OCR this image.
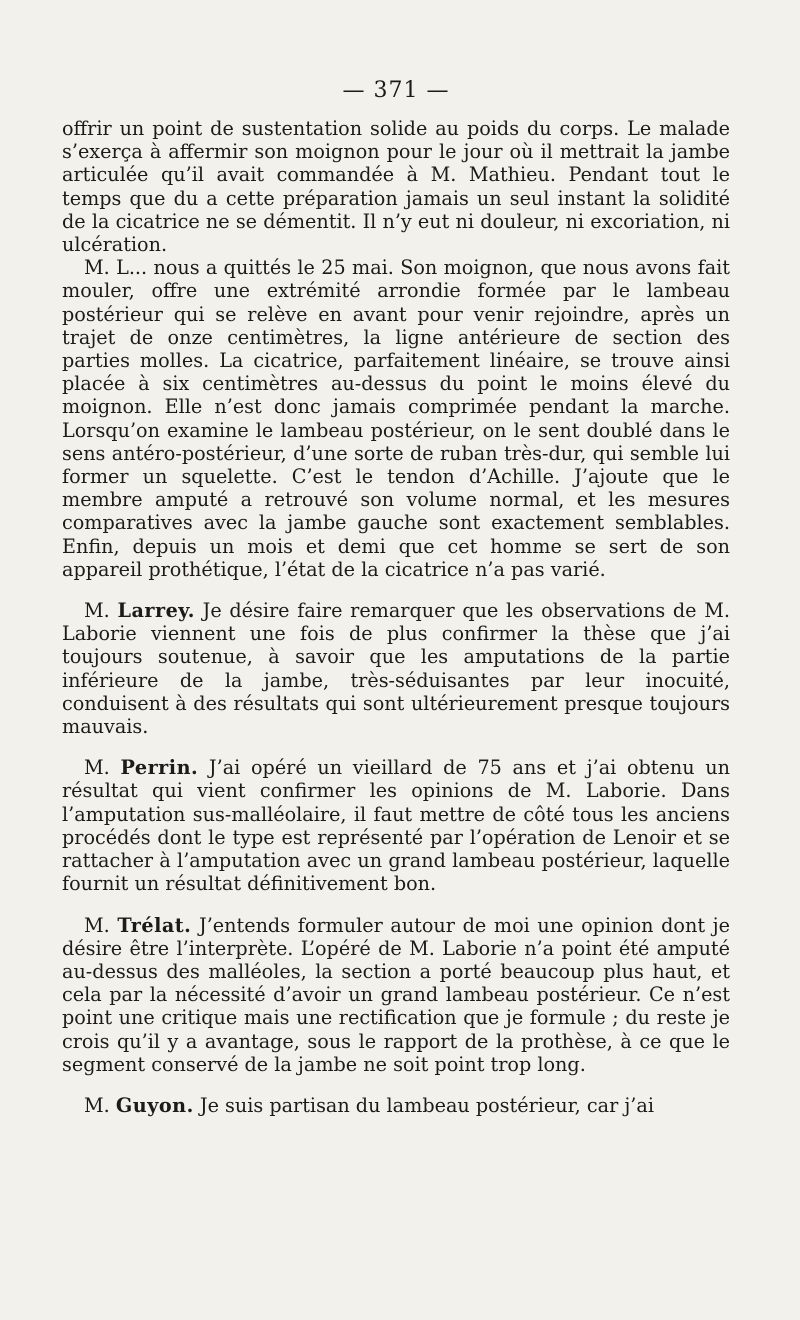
— 371 —

offrir un point de sustentation solide au poids du corps. Le malade s’exerça à affermir son moignon pour le jour où il mettrait la jambe articulée qu’il avait commandée à M. Mathieu. Pendant tout le temps que du a cette préparation jamais un seul instant la solidité de la cicatrice ne se démentit. Il n’y eut ni douleur, ni excoriation, ni ulcération.

M. L... nous a quittés le 25 mai. Son moignon, que nous avons fait mouler, offre une extrémité arrondie formée par le lambeau postérieur qui se relève en avant pour venir rejoindre, après un trajet de onze centimètres, la ligne antérieure de section des parties molles. La cicatrice, parfaitement linéaire, se trouve ainsi placée à six centimètres au-dessus du point le moins élevé du moignon. Elle n’est donc jamais comprimée pendant la marche. Lorsqu’on examine le lambeau postérieur, on le sent doublé dans le sens antéro-postérieur, d’une sorte de ruban très-dur, qui semble lui former un squelette. C’est le tendon d’Achille. J’ajoute que le membre amputé a retrouvé son volume normal, et les mesures comparatives avec la jambe gauche sont exactement semblables. Enfin, depuis un mois et demi que cet homme se sert de son appareil prothétique, l’état de la cicatrice n’a pas varié.

M. Larrey. Je désire faire remarquer que les observations de M. Laborie viennent une fois de plus confirmer la thèse que j’ai toujours soutenue, à savoir que les amputations de la partie inférieure de la jambe, très-séduisantes par leur inocuité, conduisent à des résultats qui sont ultérieurement presque toujours mauvais.

M. Perrin. J’ai opéré un vieillard de 75 ans et j’ai obtenu un résultat qui vient confirmer les opinions de M. Laborie. Dans l’amputation sus-malléolaire, il faut mettre de côté tous les anciens procédés dont le type est représenté par l’opération de Lenoir et se rattacher à l’amputation avec un grand lambeau postérieur, laquelle fournit un résultat définitivement bon.

M. Trélat. J’entends formuler autour de moi une opinion dont je désire être l’interprète. L’opéré de M. Laborie n’a point été amputé au-dessus des malléoles, la section a porté beaucoup plus haut, et cela par la nécessité d’avoir un grand lambeau postérieur. Ce n’est point une critique mais une rectification que je formule ; du reste je crois qu’il y a avantage, sous le rapport de la prothèse, à ce que le segment conservé de la jambe ne soit point trop long.

M. Guyon. Je suis partisan du lambeau postérieur, car j’ai
